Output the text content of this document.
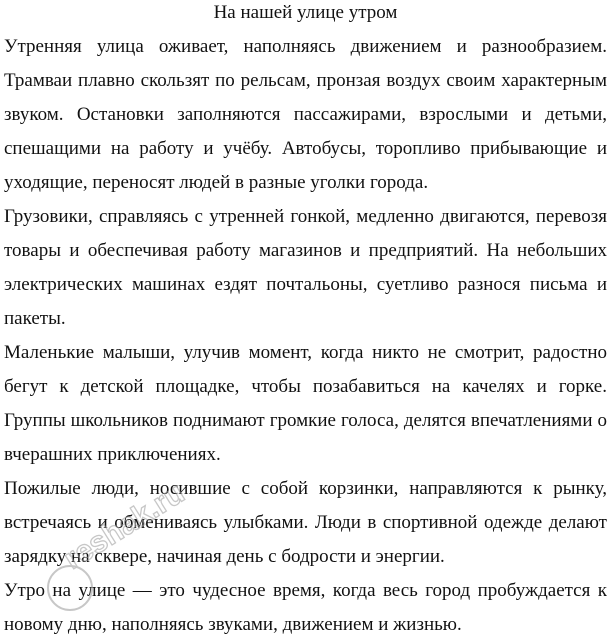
На нашей улице утром

Утренняя улица оживает, наполняясь движением и разнообразием. Трамваи плавно скользят по рельсам, пронзая воздух своим характерным звуком. Остановки заполняются пассажирами, взрослыми и детьми, спешащими на работу и учёбу. Автобусы, торопливо прибывающие и уходящие, переносят людей в разные уголки города.

Грузовики, справляясь с утренней гонкой, медленно двигаются, перевозя товары и обеспечивая работу магазинов и предприятий. На небольших электрических машинах ездят почтальоны, суетливо разнося письма и пакеты.

Маленькие малыши, улучив момент, когда никто не смотрит, радостно бегут к детской площадке, чтобы позабавиться на качелях и горке. Группы школьников поднимают громкие голоса, делятся впечатлениями о вчерашних приключениях.

Пожилые люди, носившие с собой корзинки, направляются к рынку, встречаясь и обмениваясь улыбками. Люди в спортивной одежде делают зарядку на сквере, начиная день с бодрости и энергии.

Утро на улице — это чудесное время, когда весь город пробуждается к новому дню, наполняясь звуками, движением и жизнью.

reshak.ru
